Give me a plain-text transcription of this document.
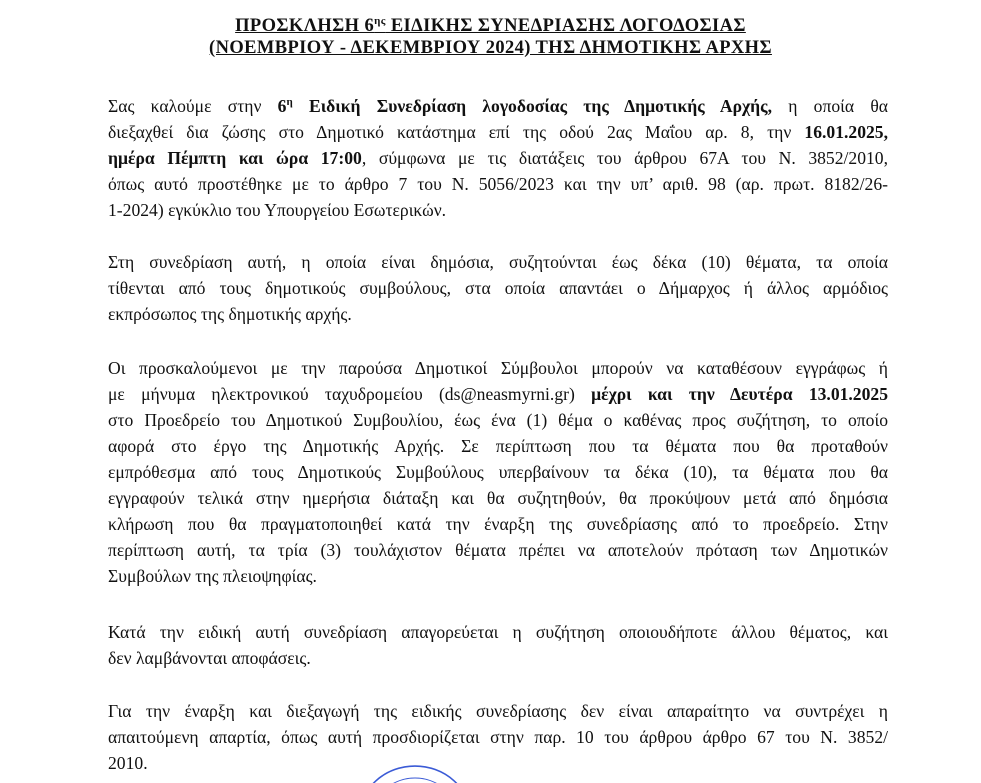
ΠΡΟΣΚΛΗΣΗ $6^{\eta\varsigma}$ ΕΙΔΙΚΗΣ ΣΥΝΕΔΡΙΑΣΗΣ ΛΟΓΟΔΟΣΙΑΣ
(ΝΟΕΜΒΡΙΟΥ - ΔΕΚΕΜΒΡΙΟΥ 2024) ΤΗΣ ΔΗΜΟΤΙΚΗΣ ΑΡΧΗΣ
Σας καλούμε στην $6^\eta$ Ειδική Συνεδρίαση λογοδοσίας της Δημοτικής Αρχής, η οποία θα
διεξαχθεί δια ζώσης στο Δημοτικό κατάστημα επί της οδού 2ας Μαΐου αρ. 8, την 16.01.2025,
ημέρα Πέμπτη και ώρα 17:00, σύμφωνα με τις διατάξεις του άρθρου 67Α του Ν. 3852/2010,
όπως αυτό προστέθηκε με το άρθρο 7 του Ν. 5056/2023 και την υπ’ αριθ. 98 (αρ. πρωτ. 8182/26-
1-2024) εγκύκλιο του Υπουργείου Εσωτερικών.
Στη συνεδρίαση αυτή, η οποία είναι δημόσια, συζητούνται έως δέκα (10) θέματα, τα οποία
τίθενται από τους δημοτικούς συμβούλους, στα οποία απαντάει ο Δήμαρχος ή άλλος αρμόδιος
εκπρόσωπος της δημοτικής αρχής.
Οι προσκαλούμενοι με την παρούσα Δημοτικοί Σύμβουλοι μπορούν να καταθέσουν εγγράφως ή
με μήνυμα ηλεκτρονικού ταχυδρομείου (ds@neasmyrni.gr) μέχρι και την Δευτέρα 13.01.2025
στο Προεδρείο του Δημοτικού Συμβουλίου, έως ένα (1) θέμα ο καθένας προς συζήτηση, το οποίο
αφορά στο έργο της Δημοτικής Αρχής. Σε περίπτωση που τα θέματα που θα προταθούν
εμπρόθεσμα από τους Δημοτικούς Συμβούλους υπερβαίνουν τα δέκα (10), τα θέματα που θα
εγγραφούν τελικά στην ημερήσια διάταξη και θα συζητηθούν, θα προκύψουν μετά από δημόσια
κλήρωση που θα πραγματοποιηθεί κατά την έναρξη της συνεδρίασης από το προεδρείο. Στην
περίπτωση αυτή, τα τρία (3) τουλάχιστον θέματα πρέπει να αποτελούν πρόταση των Δημοτικών
Συμβούλων της πλειοψηφίας.
Κατά την ειδική αυτή συνεδρίαση απαγορεύεται η συζήτηση οποιουδήποτε άλλου θέματος, και
δεν λαμβάνονται αποφάσεις.
Για την έναρξη και διεξαγωγή της ειδικής συνεδρίασης δεν είναι απαραίτητο να συντρέχει η
απαιτούμενη απαρτία, όπως αυτή προσδιορίζεται στην παρ. 10 του άρθρου άρθρο 67 του Ν. 3852/
2010.
